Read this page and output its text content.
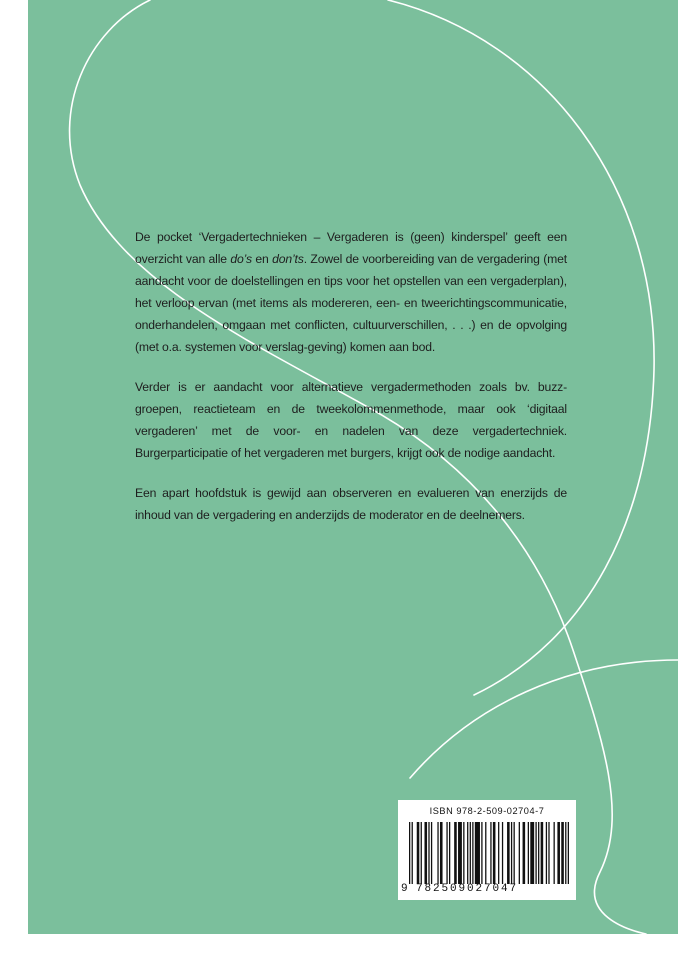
De pocket ‘Vergadertechnieken – Vergaderen is (geen) kinderspel’ geeft een overzicht van alle do’s en don’ts. Zowel de voorbereiding van de vergadering (met aandacht voor de doelstellingen en tips voor het opstellen van een vergaderplan), het verloop ervan (met items als modereren, een- en tweerichtingscommunicatie, onderhandelen, omgaan met conflicten, cultuurverschillen, . . .) en de opvolging (met o.a. systemen voor verslag-geving) komen aan bod.

Verder is er aandacht voor alternatieve vergadermethoden zoals bv. buzz-groepen, reactieteam en de tweekolommenmethode, maar ook ‘digitaal vergaderen’ met de voor- en nadelen van deze vergadertechniek. Burgerparticipatie of het vergaderen met burgers, krijgt ook de nodige aandacht.

Een apart hoofdstuk is gewijd aan observeren en evalueren van enerzijds de inhoud van de vergadering en anderzijds de moderator en de deelnemers.

ISBN 978-2-509-02704-7
9 782509027047
